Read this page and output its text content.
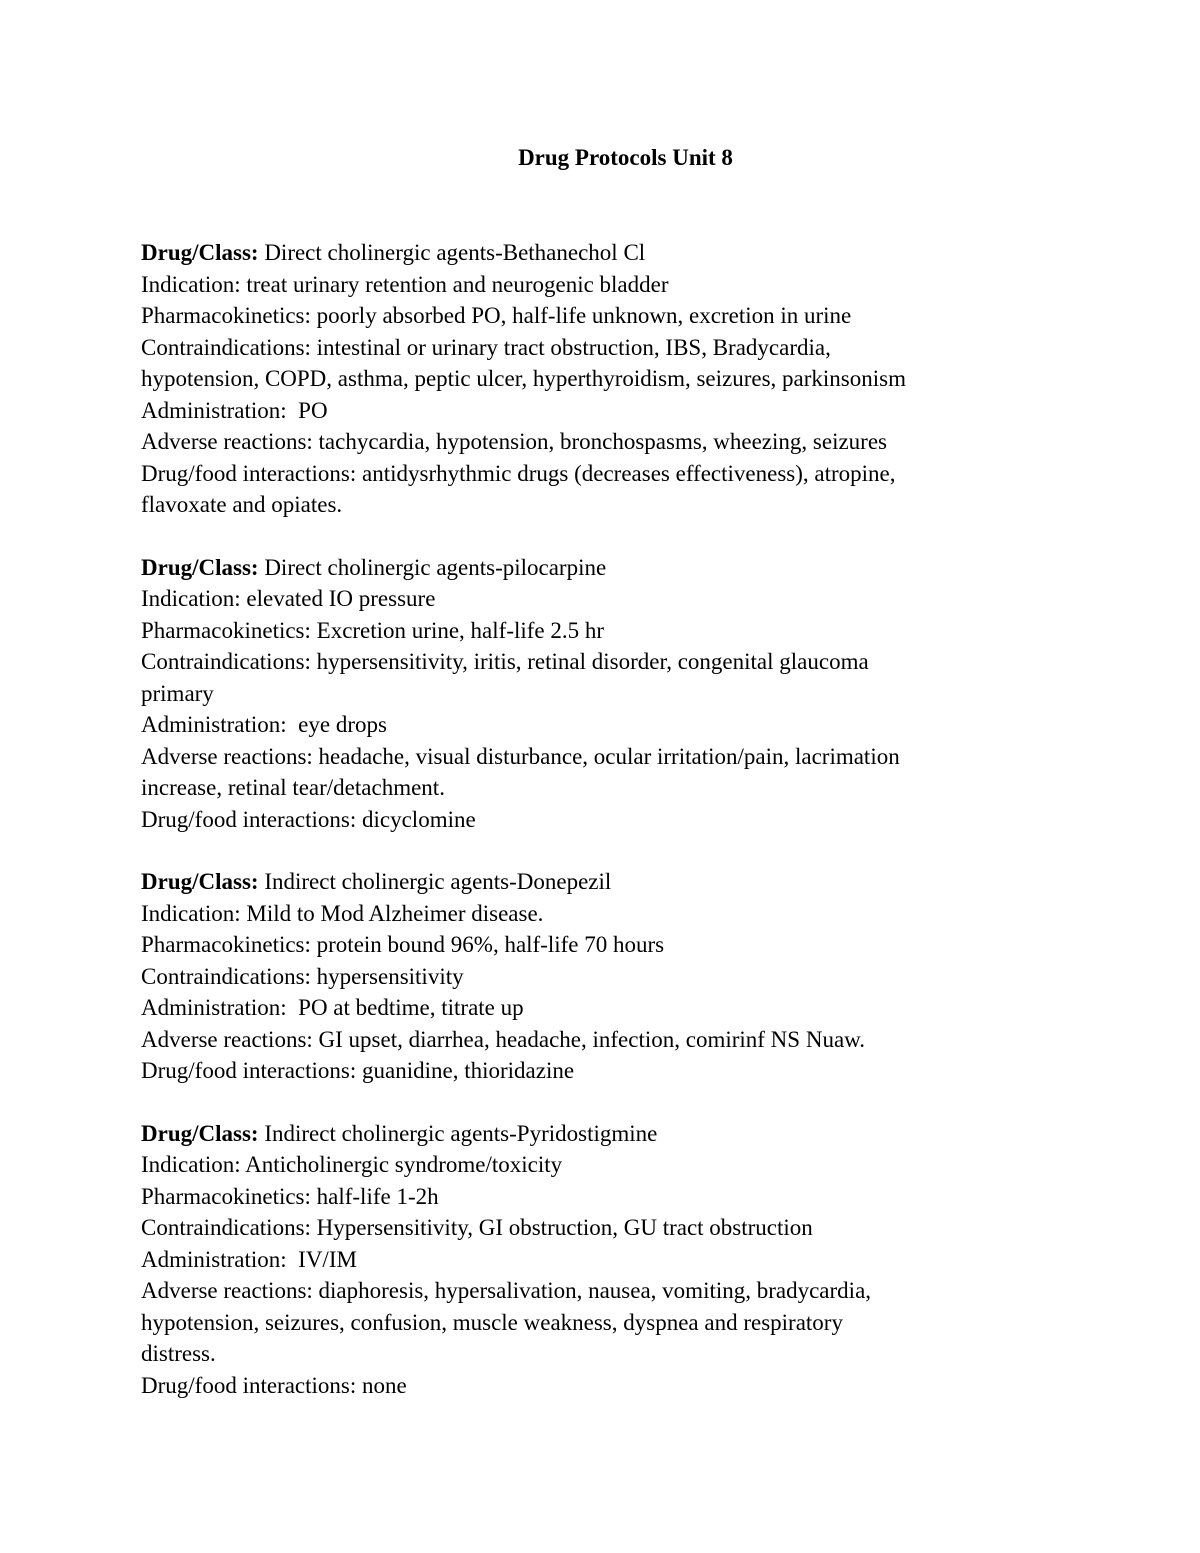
Drug Protocols Unit 8
Drug/Class: Direct cholinergic agents-Bethanechol Cl
Indication: treat urinary retention and neurogenic bladder
Pharmacokinetics: poorly absorbed PO, half-life unknown, excretion in urine
Contraindications: intestinal or urinary tract obstruction, IBS, Bradycardia,
hypotension, COPD, asthma, peptic ulcer, hyperthyroidism, seizures, parkinsonism
Administration:  PO
Adverse reactions: tachycardia, hypotension, bronchospasms, wheezing, seizures
Drug/food interactions: antidysrhythmic drugs (decreases effectiveness), atropine,
flavoxate and opiates.
Drug/Class: Direct cholinergic agents-pilocarpine
Indication: elevated IO pressure
Pharmacokinetics: Excretion urine, half-life 2.5 hr
Contraindications: hypersensitivity, iritis, retinal disorder, congenital glaucoma
primary
Administration:  eye drops
Adverse reactions: headache, visual disturbance, ocular irritation/pain, lacrimation
increase, retinal tear/detachment.
Drug/food interactions: dicyclomine
Drug/Class: Indirect cholinergic agents-Donepezil
Indication: Mild to Mod Alzheimer disease.
Pharmacokinetics: protein bound 96%, half-life 70 hours
Contraindications: hypersensitivity
Administration:  PO at bedtime, titrate up
Adverse reactions: GI upset, diarrhea, headache, infection, comirinf NS Nuaw.
Drug/food interactions: guanidine, thioridazine
Drug/Class: Indirect cholinergic agents-Pyridostigmine
Indication: Anticholinergic syndrome/toxicity
Pharmacokinetics: half-life 1-2h
Contraindications: Hypersensitivity, GI obstruction, GU tract obstruction
Administration:  IV/IM
Adverse reactions: diaphoresis, hypersalivation, nausea, vomiting, bradycardia,
hypotension, seizures, confusion, muscle weakness, dyspnea and respiratory
distress.
Drug/food interactions: none
